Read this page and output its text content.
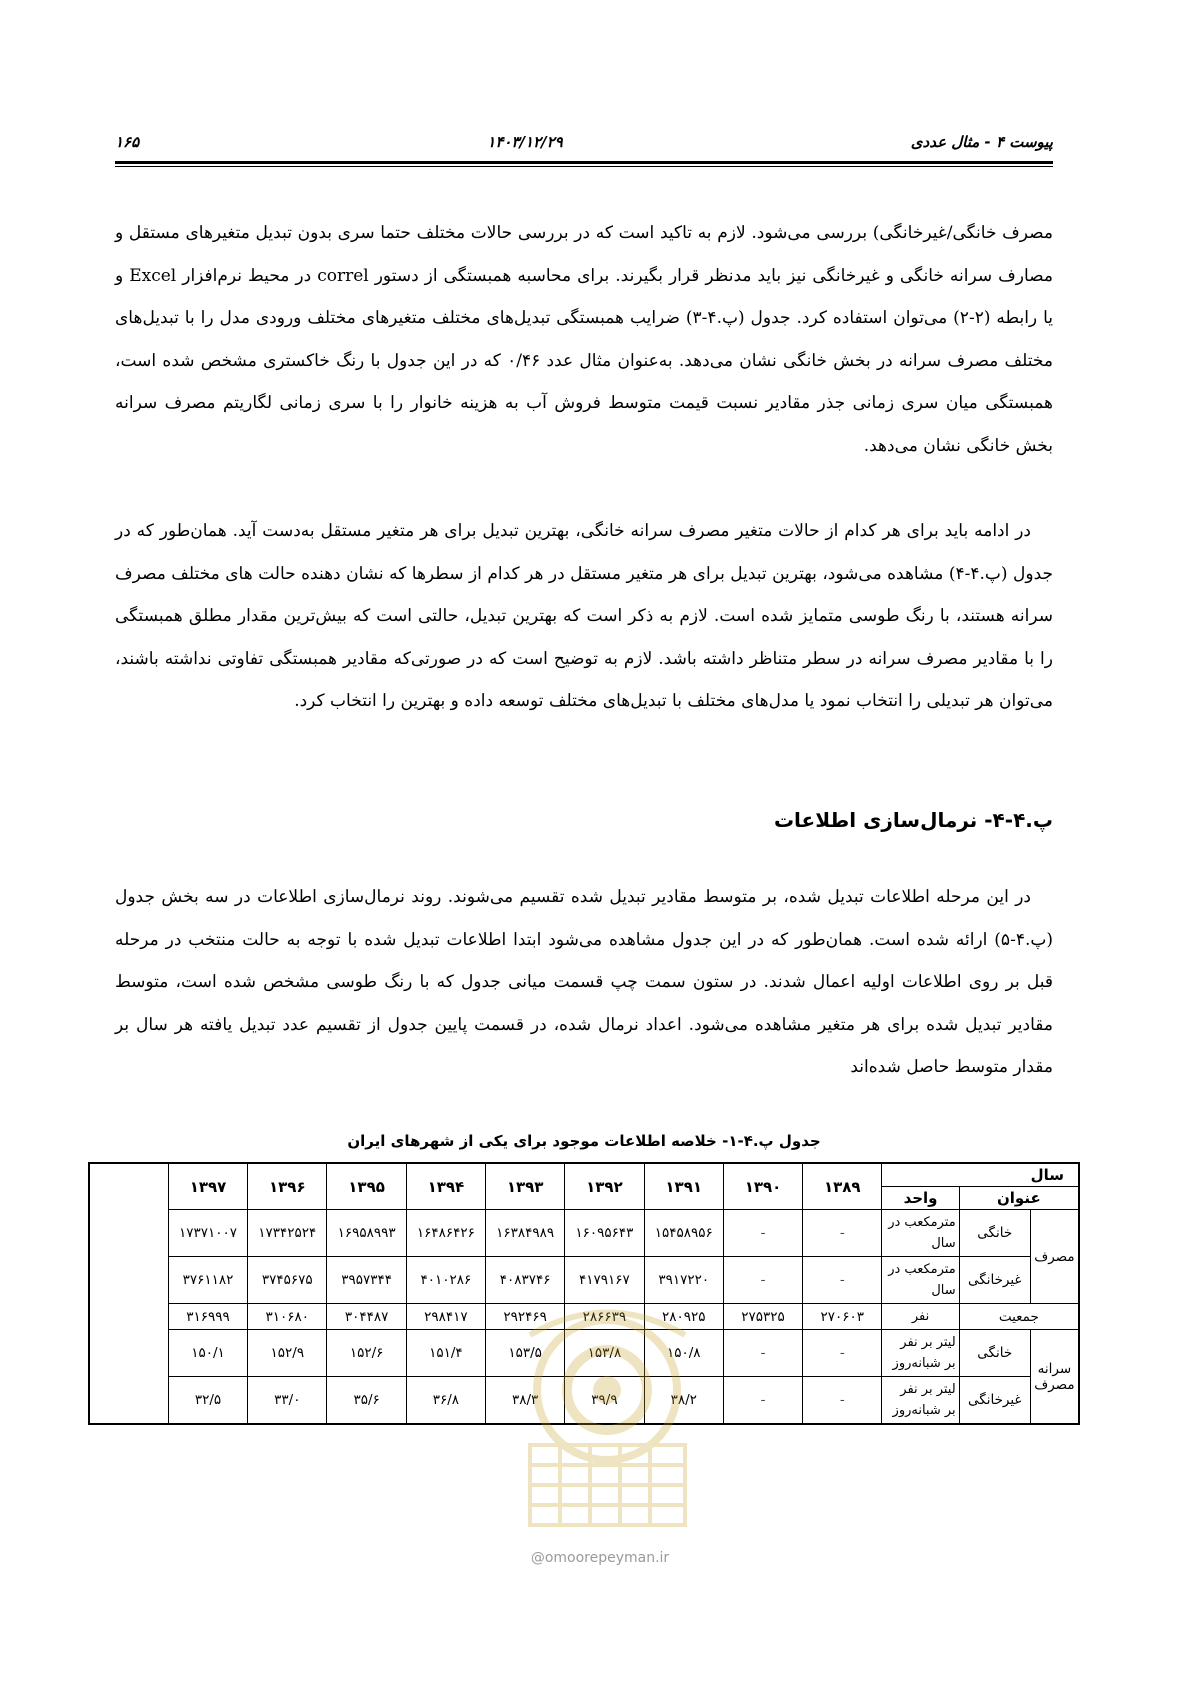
۱۶۵	۱۴۰۳/۱۲/۲۹	پیوست ۴ - مثال عددی
مصرف خانگی/غیرخانگی) بررسی می‌شود. لازم به تاکید است که در بررسی حالات مختلف حتما سری بدون تبدیل متغیرهای مستقل و مصارف سرانه خانگی و غیرخانگی نیز باید مدنظر قرار بگیرند. برای محاسبه همبستگی از دستور correl در محیط نرم‌افزار Excel و یا رابطه (۲-۲) می‌توان استفاده کرد. جدول (پ.۴-۳) ضرایب همبستگی تبدیل‌های مختلف متغیرهای مختلف ورودی مدل را با تبدیل‌های مختلف مصرف سرانه در بخش خانگی نشان می‌دهد. به‌عنوان مثال عدد ۰/۴۶ که در این جدول با رنگ خاکستری مشخص شده است، همبستگی میان سری زمانی جذر مقادیر نسبت قیمت متوسط فروش آب به هزینه خانوار را با سری زمانی لگاریتم مصرف سرانه بخش خانگی نشان می‌دهد.
در ادامه باید برای هر کدام از حالات متغیر مصرف سرانه خانگی، بهترین تبدیل برای هر متغیر مستقل به‌دست آید. همان‌طور که در جدول (پ.۴-۴) مشاهده می‌شود، بهترین تبدیل برای هر متغیر مستقل در هر کدام از سطرها که نشان دهنده حالت های مختلف مصرف سرانه هستند، با رنگ طوسی متمایز شده است. لازم به ذکر است که بهترین تبدیل، حالتی است که بیش‌ترین مقدار مطلق همبستگی را با مقادیر مصرف سرانه در سطر متناظر داشته باشد. لازم به توضیح است که در صورتی‌که مقادیر همبستگی تفاوتی نداشته باشند، می‌توان هر تبدیلی را انتخاب نمود یا مدل‌های مختلف با تبدیل‌های مختلف توسعه داده و بهترین را انتخاب کرد.
پ.۴-۴- نرمال‌سازی اطلاعات
در این مرحله اطلاعات تبدیل شده، بر متوسط مقادیر تبدیل شده تقسیم می‌شوند. روند نرمال‌سازی اطلاعات در سه بخش جدول (پ.۴-۵) ارائه شده است. همان‌طور که در این جدول مشاهده می‌شود ابتدا اطلاعات تبدیل شده با توجه به حالت منتخب در مرحله قبل بر روی اطلاعات اولیه اعمال شدند. در ستون سمت چپ قسمت میانی جدول که با رنگ طوسی مشخص شده است، متوسط مقادیر تبدیل شده برای هر متغیر مشاهده می‌شود. اعداد نرمال شده، در قسمت پایین جدول از تقسیم عدد تبدیل یافته هر سال بر مقدار متوسط حاصل شده‌اند
جدول پ.۴-۱- خلاصه اطلاعات موجود برای یکی از شهرهای ایران
سال			۱۳۸۹	۱۳۹۰	۱۳۹۱	۱۳۹۲	۱۳۹۳	۱۳۹۴	۱۳۹۵	۱۳۹۶	۱۳۹۷
عنوان		واحد									
مصرف	خانگی	مترمکعب در سال	-	-	۱۵۴۵۸۹۵۶	۱۶۰۹۵۶۴۳	۱۶۳۸۴۹۸۹	۱۶۴۸۶۴۲۶	۱۶۹۵۸۹۹۳	۱۷۳۴۲۵۲۴	۱۷۳۷۱۰۰۷
	غیرخانگی	مترمکعب در سال	-	-	۳۹۱۷۲۲۰	۴۱۷۹۱۶۷	۴۰۸۳۷۴۶	۴۰۱۰۲۸۶	۳۹۵۷۳۴۴	۳۷۴۵۶۷۵	۳۷۶۱۱۸۲
جمعیت		نفر	۲۷۰۶۰۳	۲۷۵۳۲۵	۲۸۰۹۲۵	۲۸۶۶۳۹	۲۹۲۴۶۹	۲۹۸۴۱۷	۳۰۴۴۸۷	۳۱۰۶۸۰	۳۱۶۹۹۹
سرانه مصرف	خانگی	لیتر بر نفر بر شبانه‌روز	-	-	۱۵۰/۸	۱۵۳/۸	۱۵۳/۵	۱۵۱/۴	۱۵۲/۶	۱۵۲/۹	۱۵۰/۱
	غیرخانگی	لیتر بر نفر بر شبانه‌روز	-	-	۳۸/۲	۳۹/۹	۳۸/۳	۳۶/۸	۳۵/۶	۳۳/۰	۳۲/۵
@omoorepeyman.ir
